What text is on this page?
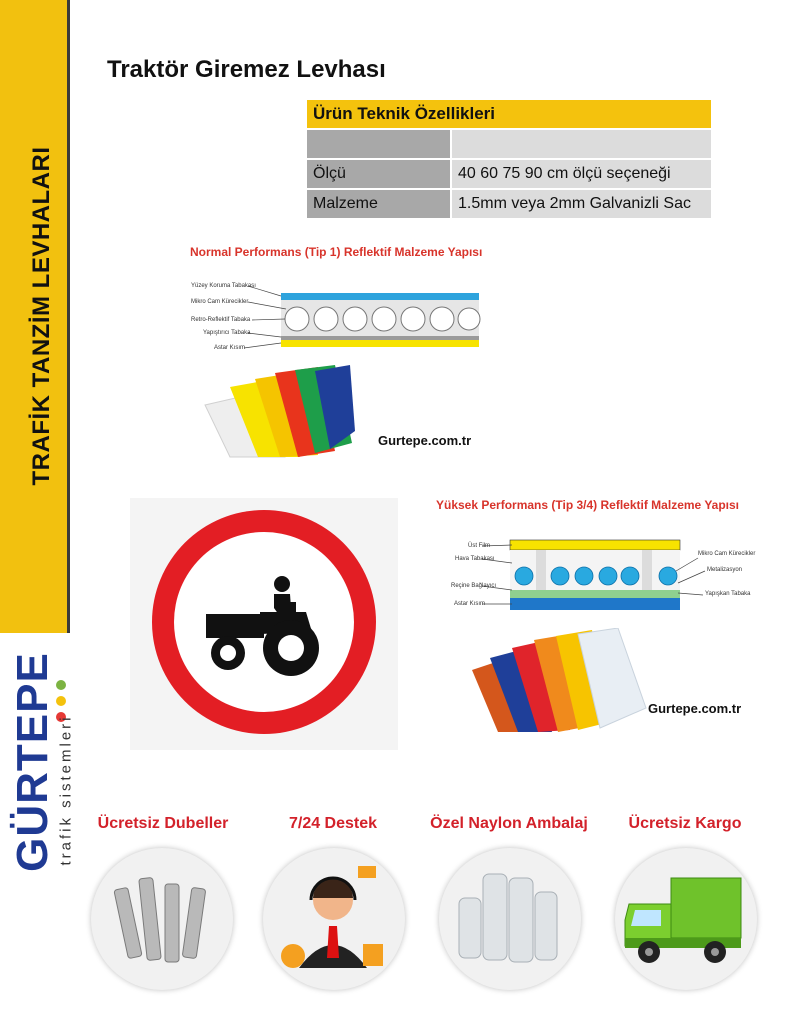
TRAFİK TANZİM LEVHALARI
GÜRTEPE trafik sistemleri
Traktör Giremez Levhası
Ürün Teknik Özellikleri	

Ölçü	40 60 75 90 cm ölçü seçeneği
Malzeme	1.5mm veya 2mm Galvanizli Sac
Normal Performans (Tip 1) Reflektif Malzeme Yapısı
Yüzey Koruma Tabakası
Mikro Cam Kürecikler
Retro-Reflektif Tabaka
Yapıştırıcı Tabaka
Astar Kısım
Gurtepe.com.tr
Yüksek Performans (Tip 3/4) Reflektif Malzeme Yapısı
Üst Film
Hava Tabakası
Reçine Bağlayıcı
Astar Kısım
Mikro Cam Kürecikler
Metalizasyon
Yapışkan Tabaka
Gurtepe.com.tr
Ücretsiz Dubeller	7/24 Destek	Özel Naylon Ambalaj	Ücretsiz Kargo
